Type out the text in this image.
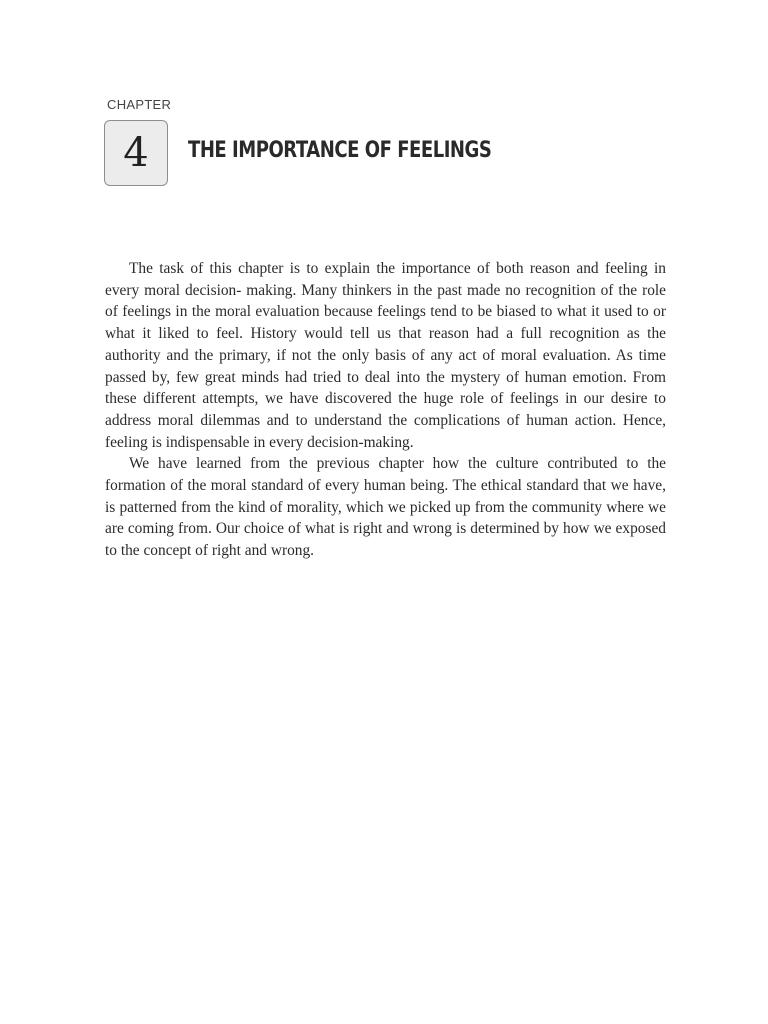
CHAPTER
4 THE IMPORTANCE OF FEELINGS

The task of this chapter is to explain the importance of both reason and feeling in every moral decision- making. Many thinkers in the past made no recognition of the role of feelings in the moral evaluation because feelings tend to be biased to what it used to or what it liked to feel. History would tell us that reason had a full recognition as the authority and the primary, if not the only basis of any act of moral evaluation. As time passed by, few great minds had tried to deal into the mystery of human emotion. From these different attempts, we have discovered the huge role of feelings in our desire to address moral dilemmas and to understand the complications of human action. Hence, feeling is indispensable in every decision-making.

We have learned from the previous chapter how the culture contributed to the formation of the moral standard of every human being. The ethical standard that we have, is patterned from the kind of morality, which we picked up from the community where we are coming from. Our choice of what is right and wrong is determined by how we exposed to the concept of right and wrong.
